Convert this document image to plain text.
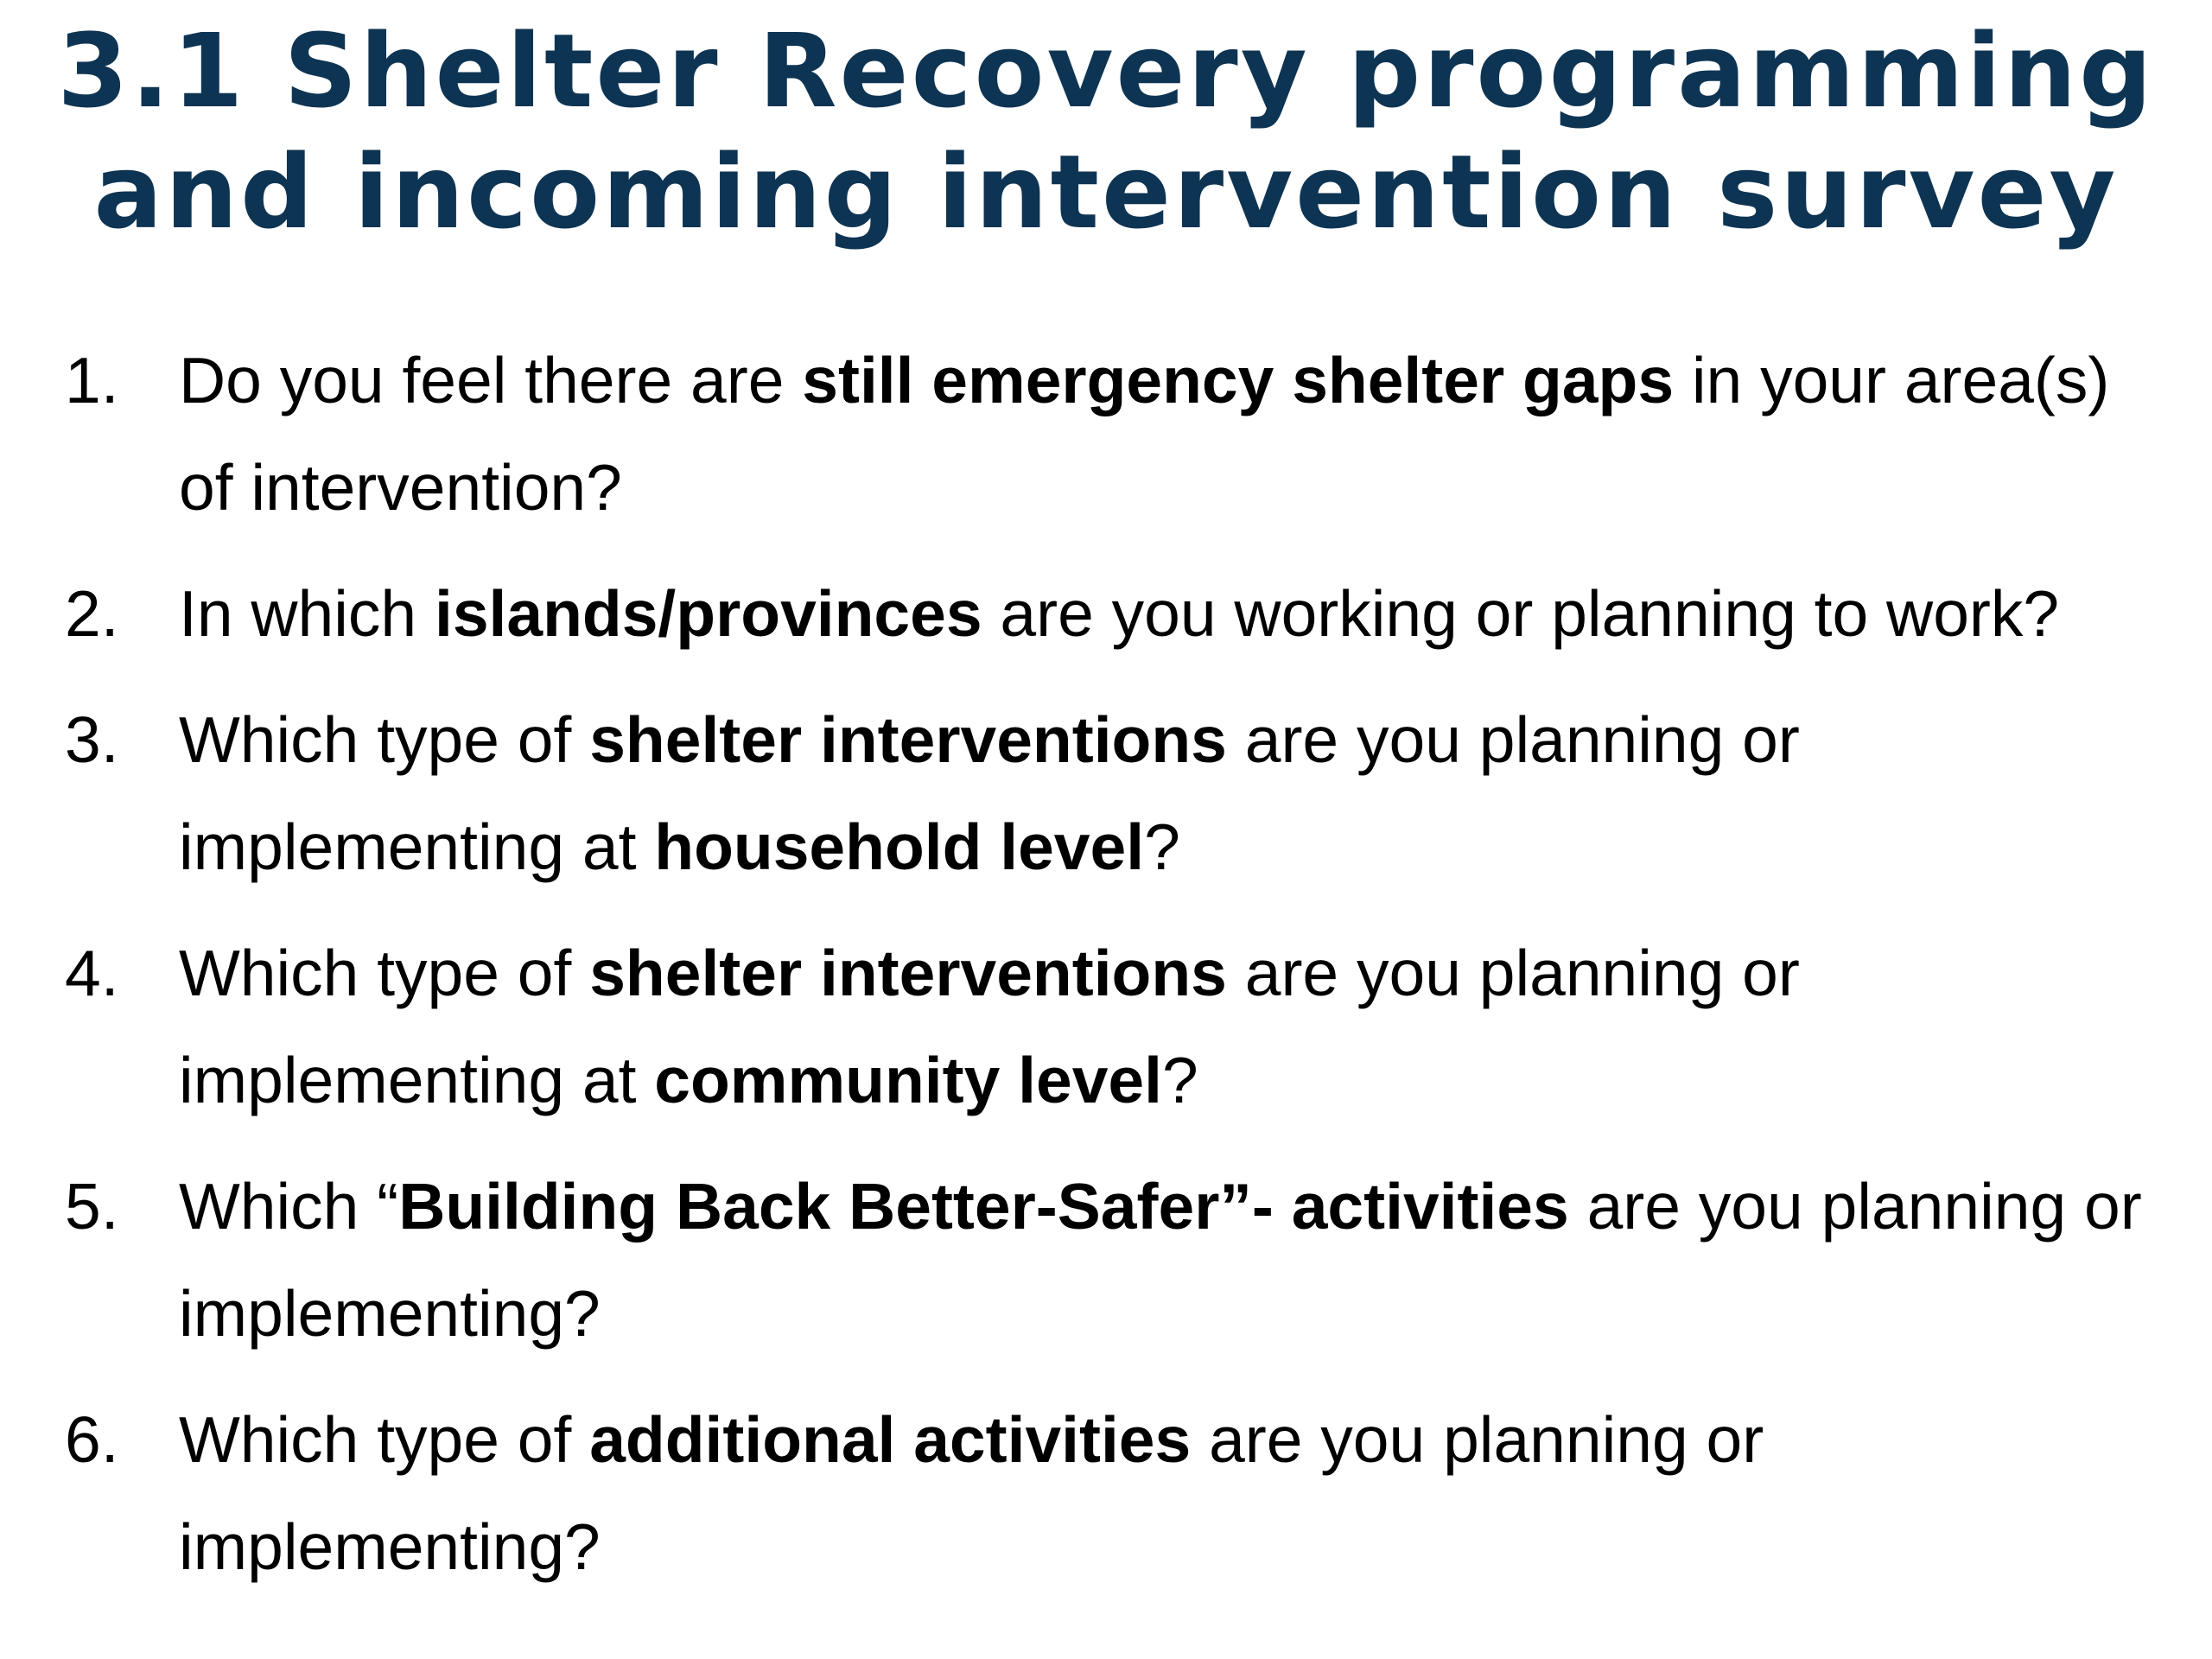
3.1 Shelter Recovery programming
and incoming intervention survey
1. Do you feel there are still emergency shelter gaps in your area(s) of intervention?
2. In which islands/provinces are you working or planning to work?
3. Which type of shelter interventions are you planning or implementing at household level?
4. Which type of shelter interventions are you planning or implementing at community level?
5. Which “Building Back Better-Safer”- activities are you planning or implementing?
6. Which type of additional activities are you planning or implementing?
